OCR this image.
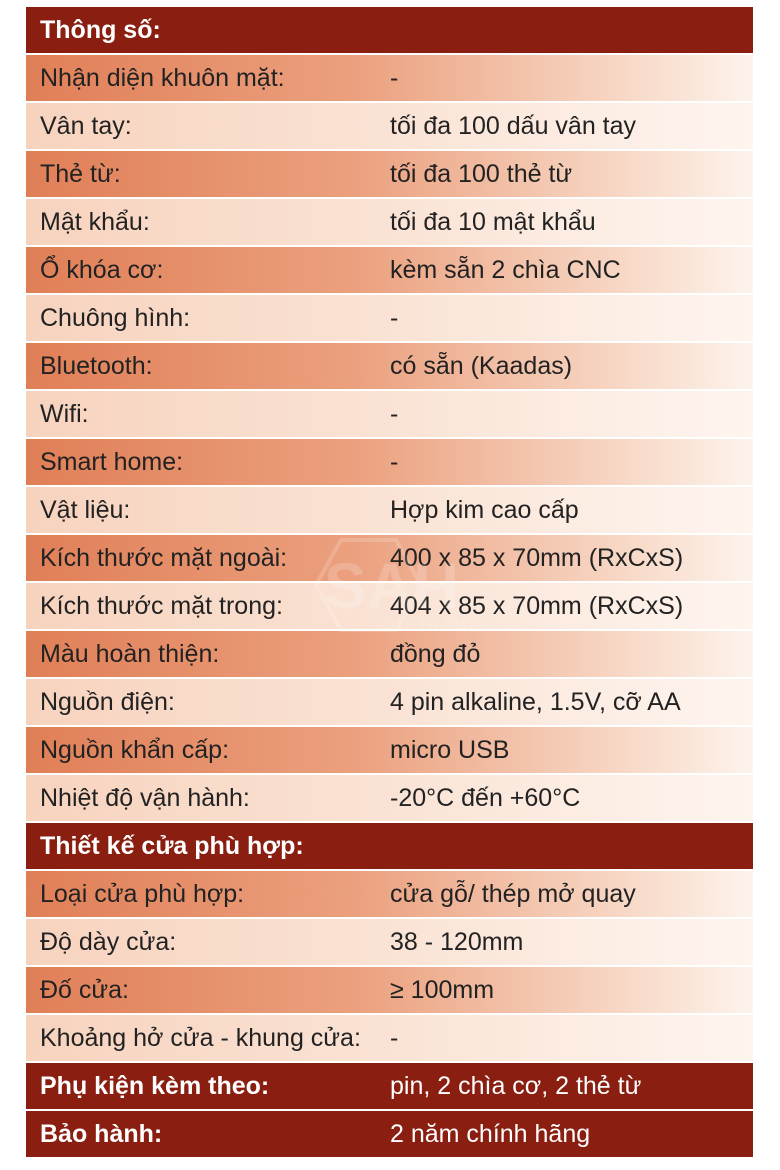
Thông số:
Nhận diện khuôn mặt:	-
Vân tay:	tối đa 100 dấu vân tay
Thẻ từ:	tối đa 100 thẻ từ
Mật khẩu:	tối đa 10 mật khẩu
Ổ khóa cơ:	kèm sẵn 2 chìa CNC
Chuông hình:	-
Bluetooth:	có sẵn (Kaadas)
Wifi:	-
Smart home:	-
Vật liệu:	Hợp kim cao cấp
Kích thước mặt ngoài:	400 x 85 x 70mm (RxCxS)
Kích thước mặt trong:	404 x 85 x 70mm (RxCxS)
Màu hoàn thiện:	đồng đỏ
Nguồn điện:	4 pin alkaline, 1.5V, cỡ AA
Nguồn khẩn cấp:	micro USB
Nhiệt độ vận hành:	-20°C đến +60°C
Thiết kế cửa phù hợp:
Loại cửa phù hợp:	cửa gỗ/ thép mở quay
Độ dày cửa:	38 - 120mm
Đố cửa:	≥ 100mm
Khoảng hở cửa - khung cửa: -
Phụ kiện kèm theo:	pin, 2 chìa cơ, 2 thẻ từ
Bảo hành:	2 năm chính hãng
